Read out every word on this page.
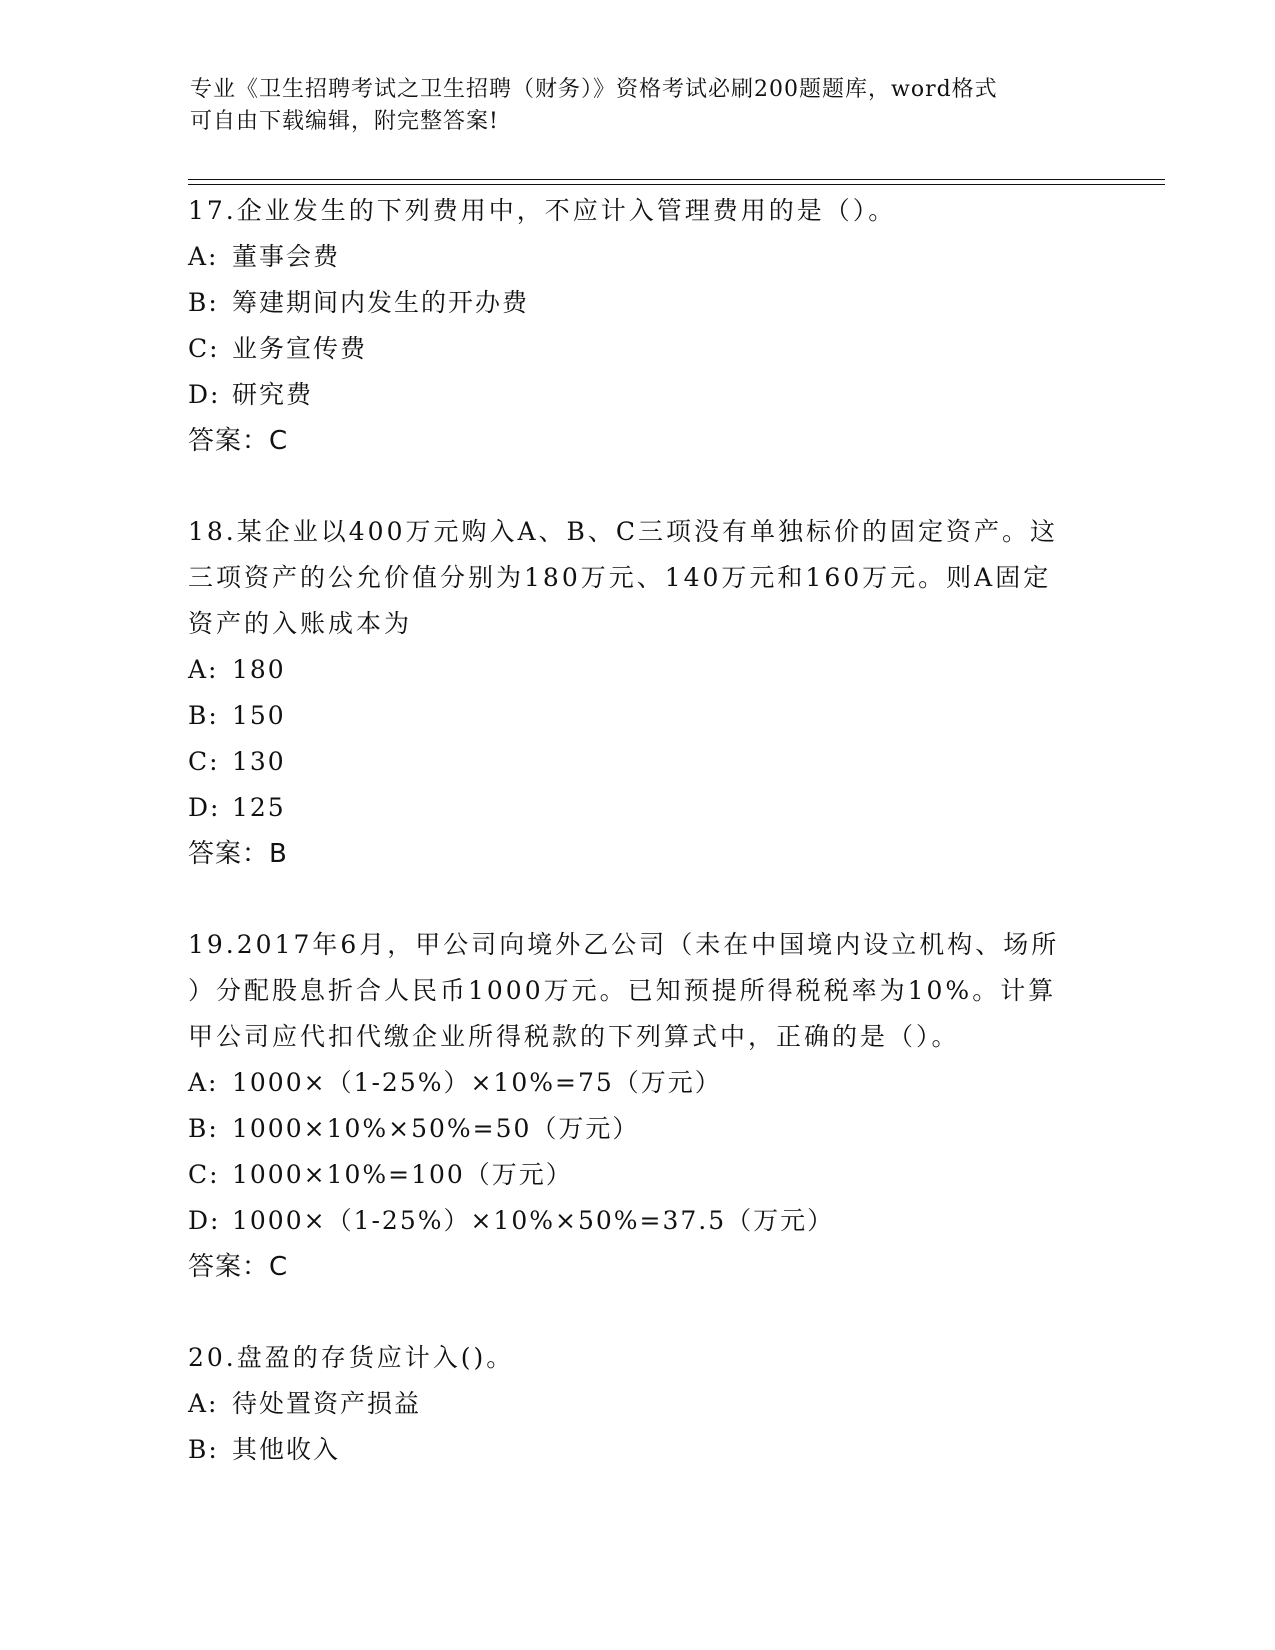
专业《卫生招聘考试之卫生招聘（财务）》资格考试必刷200题题库，word格式
可自由下载编辑，附完整答案!
17.企业发生的下列费用中，不应计入管理费用的是（）。
A: 董事会费
B: 筹建期间内发生的开办费
C: 业务宣传费
D: 研究费
答案：C
18.某企业以400万元购入A、B、C三项没有单独标价的固定资产。这
三项资产的公允价值分别为180万元、140万元和160万元。则A固定
资产的入账成本为
A: 180
B: 150
C: 130
D: 125
答案：B
19.2017年6月，甲公司向境外乙公司（未在中国境内设立机构、场所
）分配股息折合人民币1000万元。已知预提所得税税率为10%。计算
甲公司应代扣代缴企业所得税款的下列算式中，正确的是（）。
A: 1000×（1-25%）×10%=75（万元）
B: 1000×10%×50%=50（万元）
C: 1000×10%=100（万元）
D: 1000×（1-25%）×10%×50%=37.5（万元）
答案：C
20.盘盈的存货应计入()。
A: 待处置资产损益
B: 其他收入
